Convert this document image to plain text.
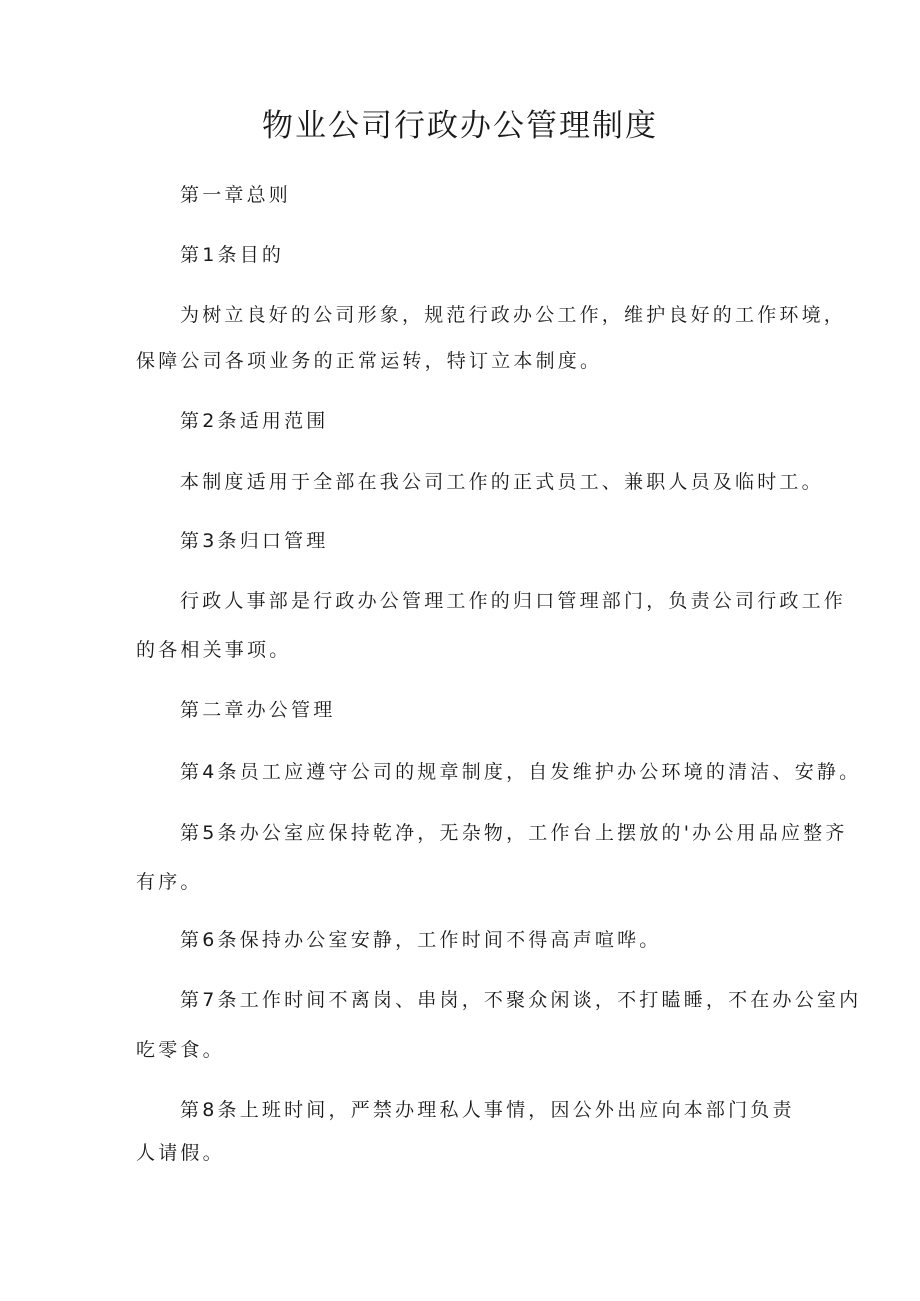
物业公司行政办公管理制度

第一章总则

第1条目的

为树立良好的公司形象，规范行政办公工作，维护良好的工作环境，

保障公司各项业务的正常运转，特订立本制度。

第2条适用范围

本制度适用于全部在我公司工作的正式员工、兼职人员及临时工。

第3条归口管理

行政人事部是行政办公管理工作的归口管理部门，负责公司行政工作

的各相关事项。

第二章办公管理

第4条员工应遵守公司的规章制度，自发维护办公环境的清洁、安静。

第5条办公室应保持乾净，无杂物，工作台上摆放的'办公用品应整齐

有序。

第6条保持办公室安静，工作时间不得高声喧哗。

第7条工作时间不离岗、串岗，不聚众闲谈，不打瞌睡，不在办公室内

吃零食。

第8条上班时间，严禁办理私人事情，因公外出应向本部门负责

人请假。
